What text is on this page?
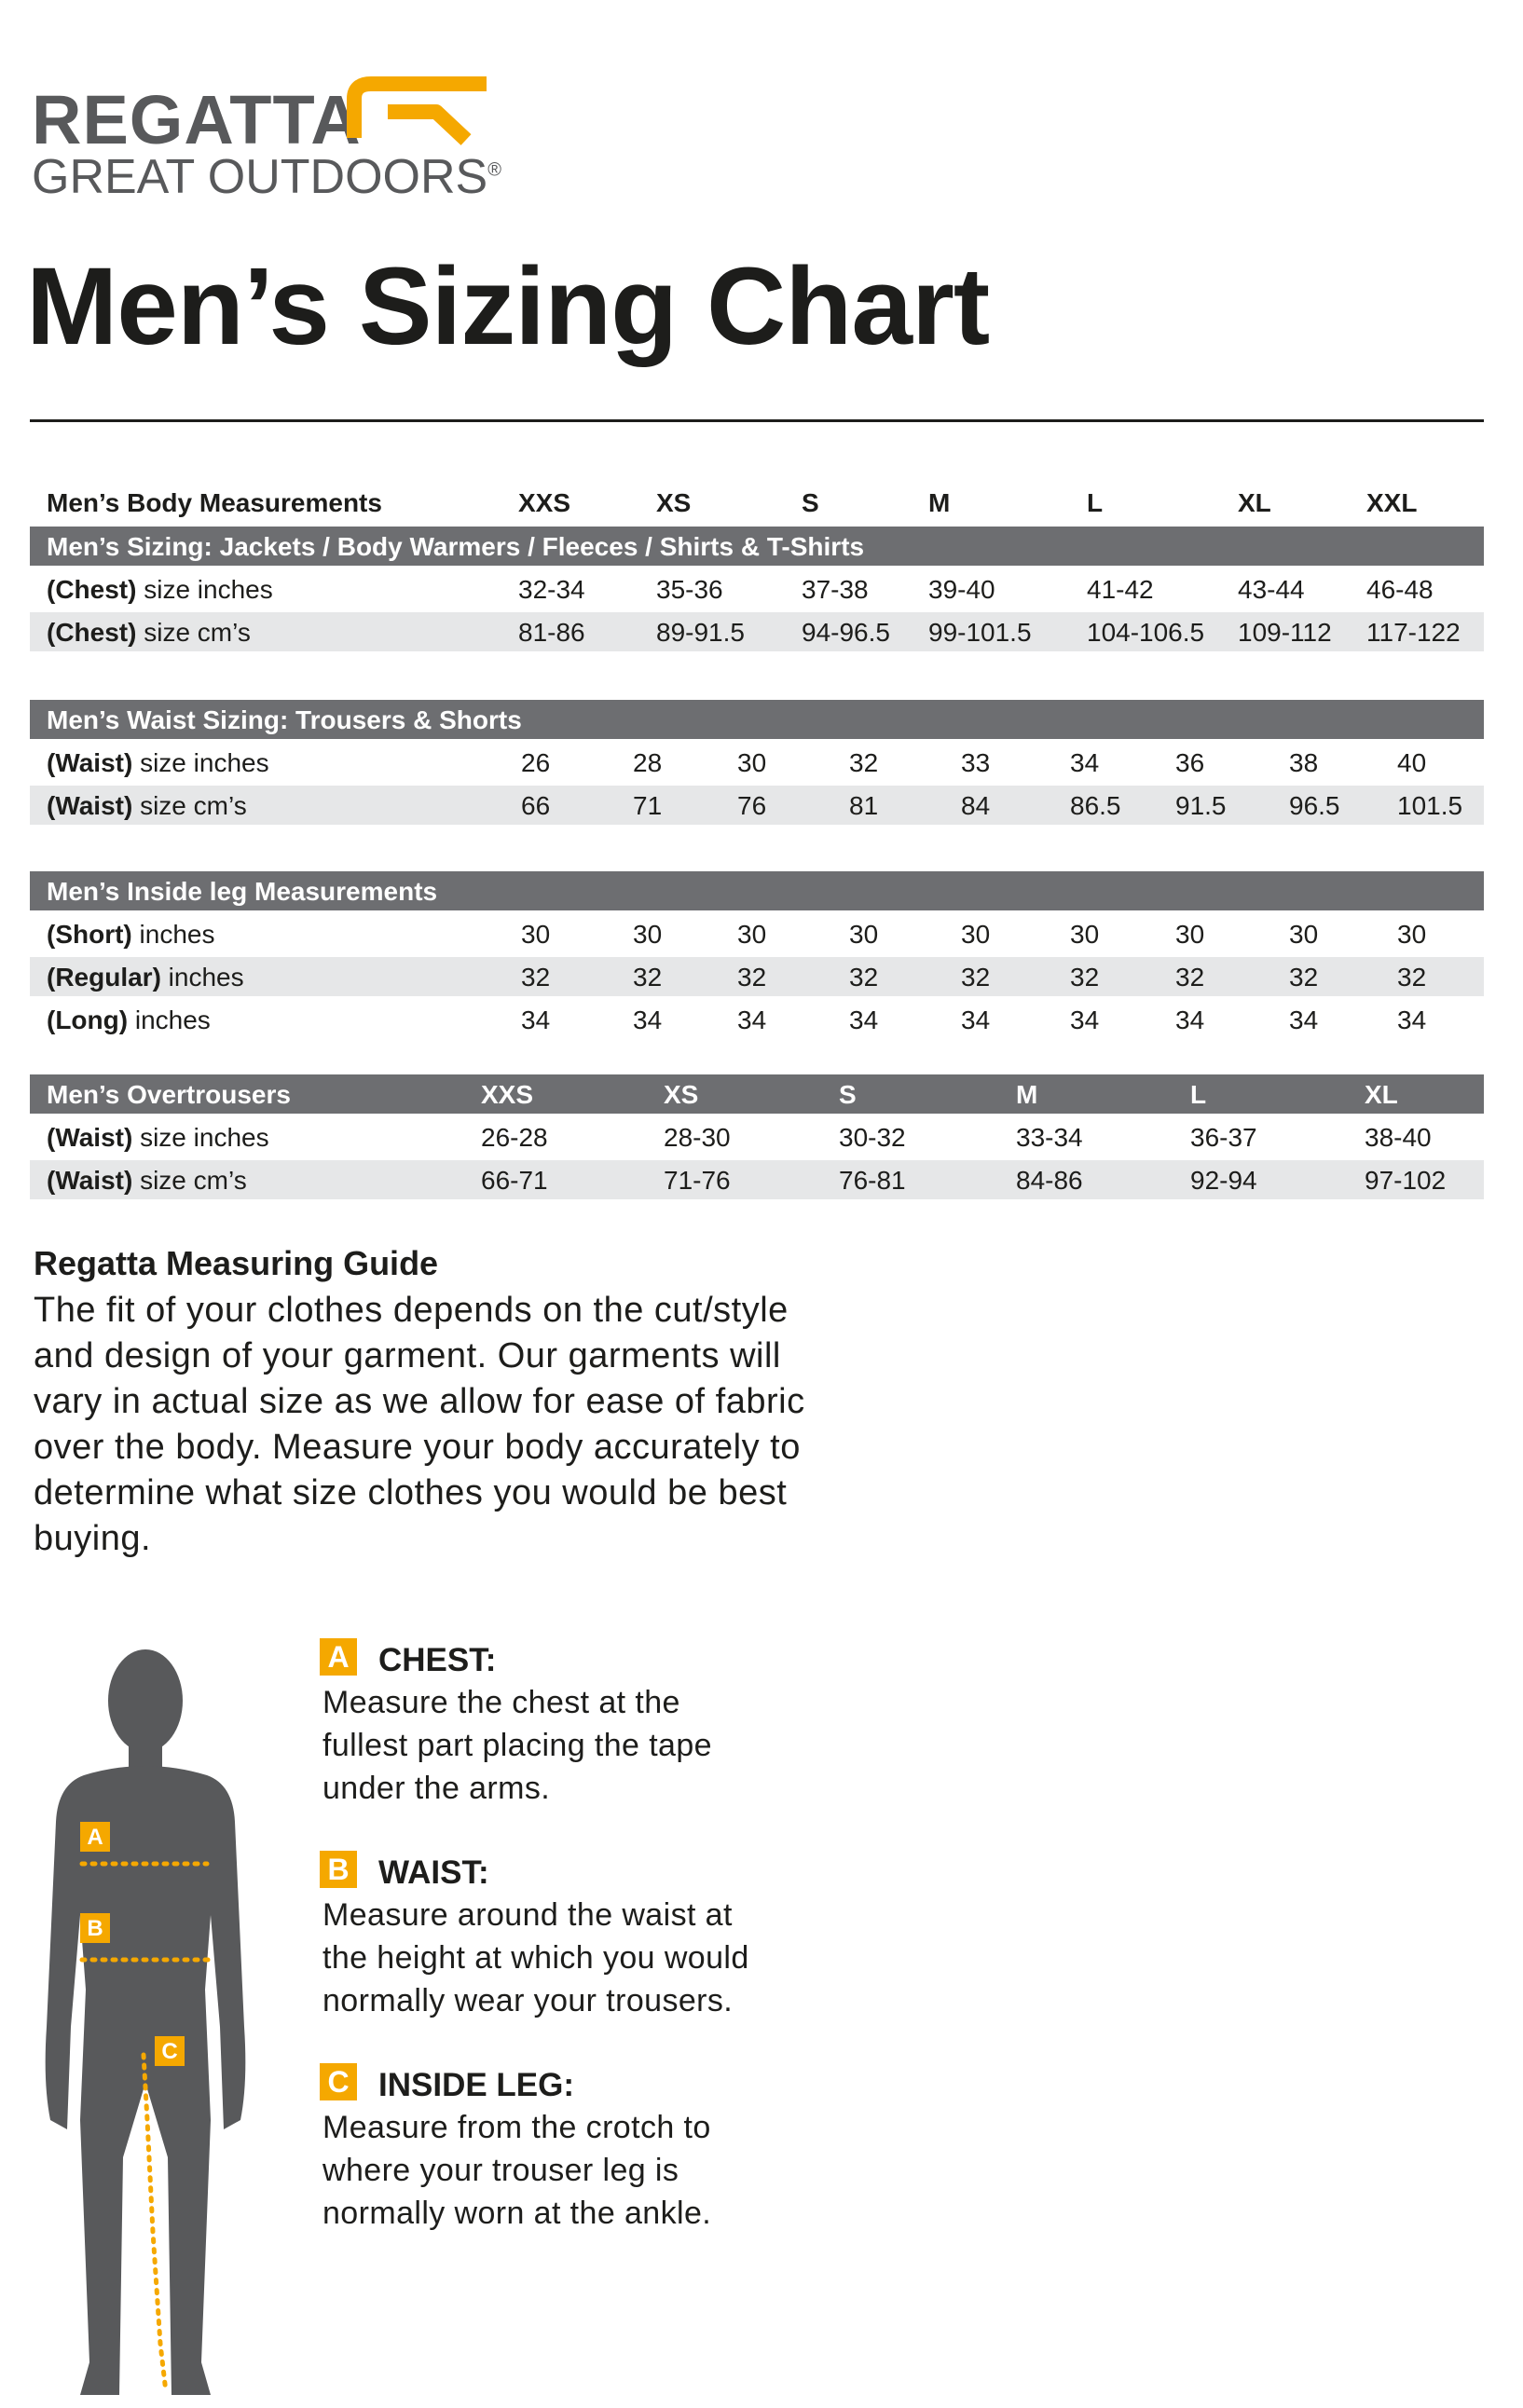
REGATTA
GREAT OUTDOORS®
Men’s Sizing Chart
Men’s Body Measurements	XXS	XS	S	M	L	XL	XXL
Men’s Sizing: Jackets / Body Warmers / Fleeces / Shirts & T-Shirts
(Chest) size inches	32-34	35-36	37-38 39-40	41-42	43-44 46-48
(Chest) size cm’s	81-86	89-91.5 94-96.5 99-101.5 104-106.5 109-112 117-122
Men’s Waist Sizing: Trousers & Shorts
(Waist) size inches	26	28	30	32	33	34	36	38	40
(Waist) size cm’s	66	71	76	81	84	86.5 91.5 96.5 101.5
Men’s Inside leg Measurements
(Short) inches	30	30	30	30	30	30	30	30	30
(Regular) inches	32	32	32	32	32	32	32	32	32
(Long) inches	34	34	34	34	34	34	34	34	34
Men’s Overtrousers	XXS	XS	S	M	L	XL
(Waist) size inches	26-28	28-30	30-32	33-34	36-37	38-40
(Waist) size cm’s	66-71	71-76	76-81	84-86	92-94	97-102
Regatta Measuring Guide
The fit of your clothes depends on the cut/style
and design of your garment. Our garments will
vary in actual size as we allow for ease of fabric
over the body. Measure your body accurately to
determine what size clothes you would be best
buying.
A
B
C
A CHEST:
Measure the chest at the
fullest part placing the tape
under the arms.
B WAIST:
Measure around the waist at
the height at which you would
normally wear your trousers.
C INSIDE LEG:
Measure from the crotch to
where your trouser leg is
normally worn at the ankle.
